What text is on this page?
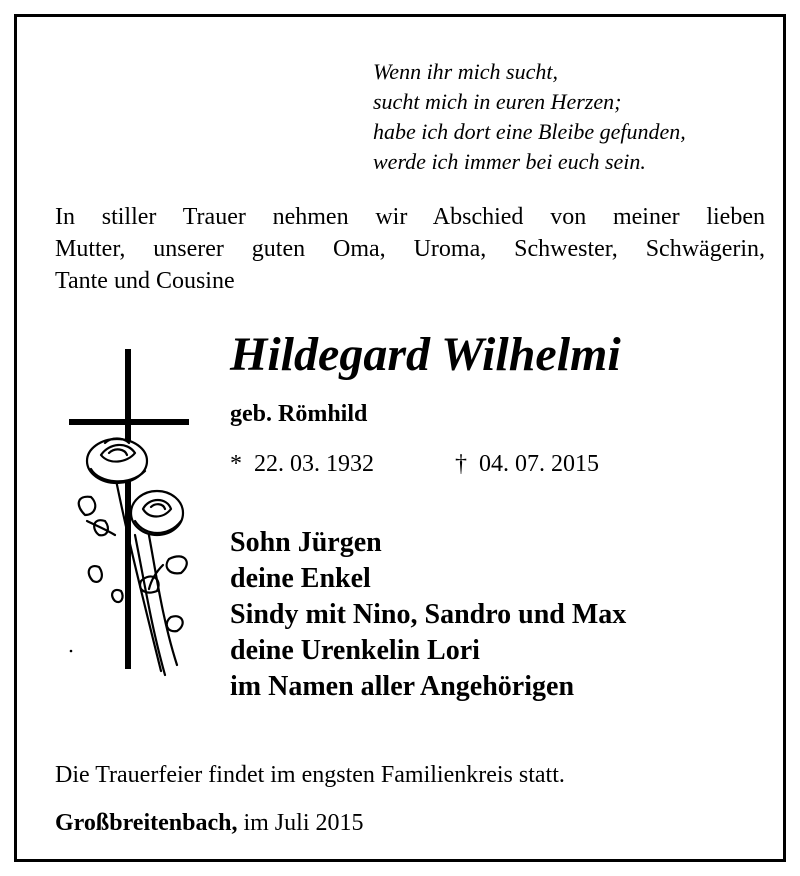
Wenn ihr mich sucht,
sucht mich in euren Herzen;
habe ich dort eine Bleibe gefunden,
werde ich immer bei euch sein.
In stiller Trauer nehmen wir Abschied von meiner lieben
Mutter, unserer guten Oma, Uroma, Schwester, Schwägerin,
Tante und Cousine
Hildegard Wilhelmi
geb. Römhild
* 22. 03. 1932	† 04. 07. 2015
Sohn Jürgen
deine Enkel
Sindy mit Nino, Sandro und Max
deine Urenkelin Lori
im Namen aller Angehörigen
Die Trauerfeier findet im engsten Familienkreis statt.
Großbreitenbach, im Juli 2015
